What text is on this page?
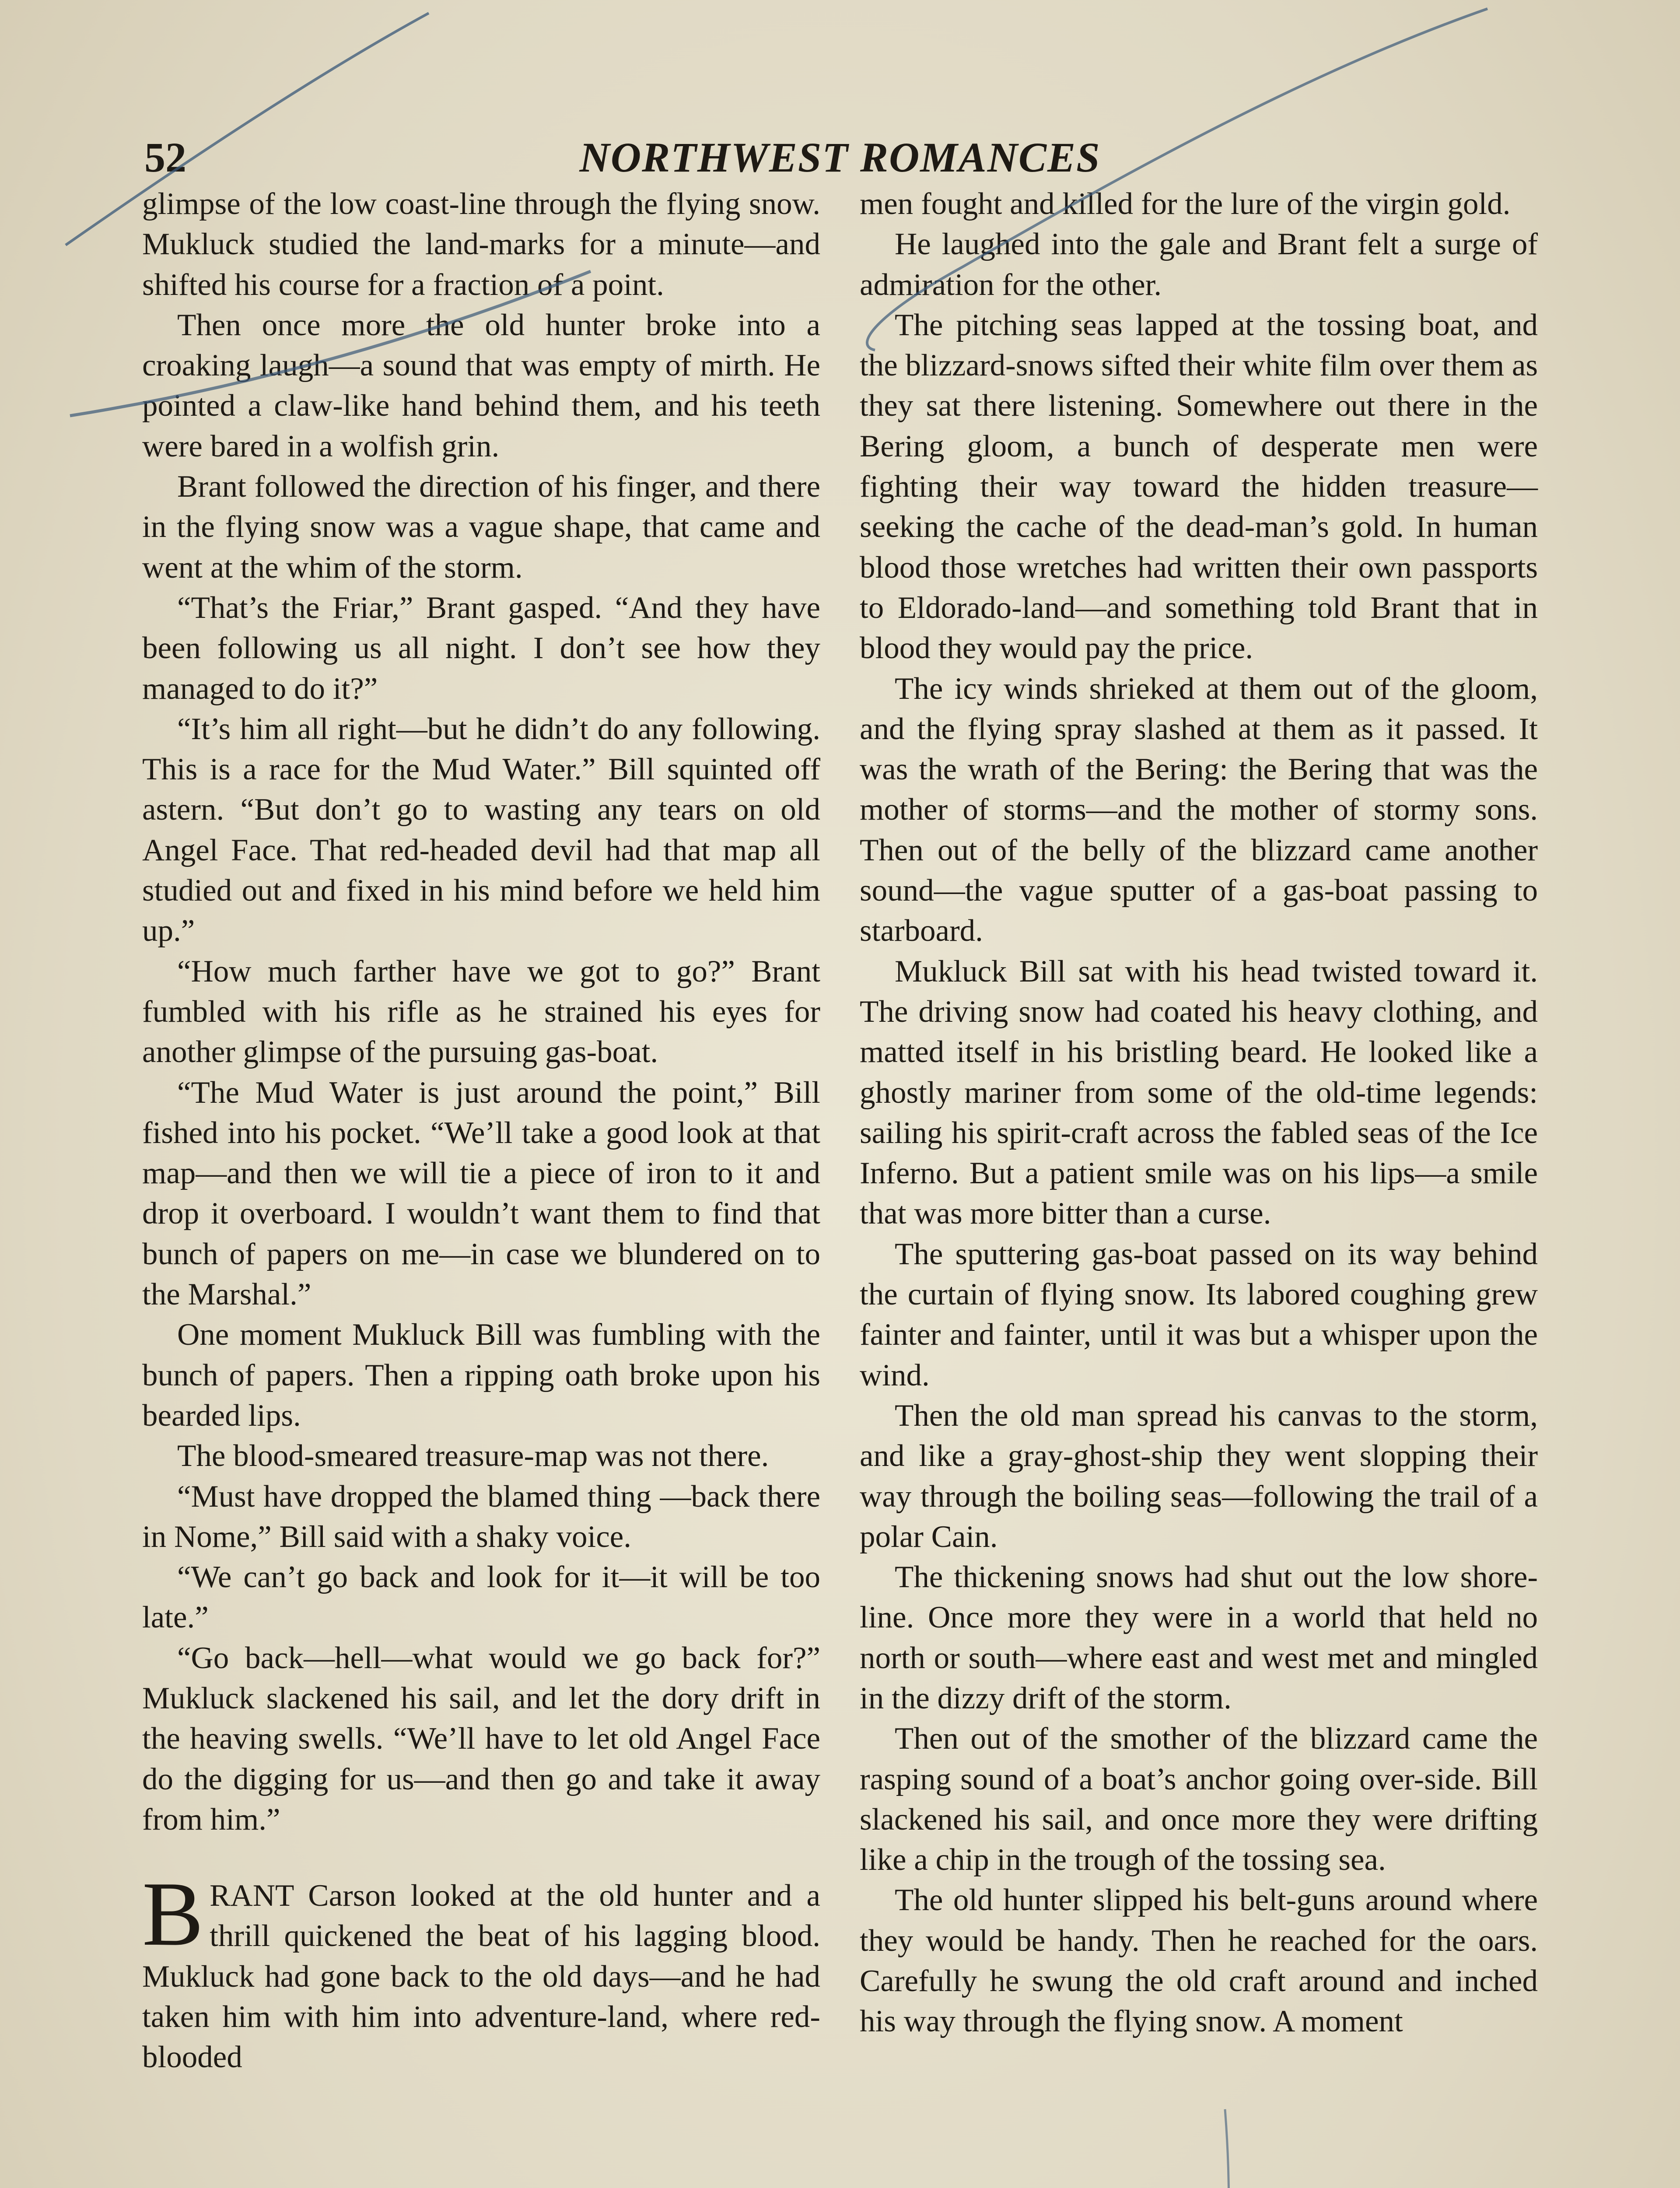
52	NORTHWEST ROMANCES

glimpse of the low coast-line through the flying snow. Mukluck studied the land-marks for a minute—and shifted his course for a fraction of a point.

Then once more the old hunter broke into a croaking laugh—a sound that was empty of mirth. He pointed a claw-like hand behind them, and his teeth were bared in a wolfish grin.

Brant followed the direction of his finger, and there in the flying snow was a vague shape, that came and went at the whim of the storm.

“That’s the Friar,” Brant gasped. “And they have been following us all night. I don’t see how they managed to do it?”

“It’s him all right—but he didn’t do any following. This is a race for the Mud Water.” Bill squinted off astern. “But don’t go to wasting any tears on old Angel Face. That red-headed devil had that map all studied out and fixed in his mind before we held him up.”

“How much farther have we got to go?” Brant fumbled with his rifle as he strained his eyes for another glimpse of the pursuing gas-boat.

“The Mud Water is just around the point,” Bill fished into his pocket. “We’ll take a good look at that map—and then we will tie a piece of iron to it and drop it overboard. I wouldn’t want them to find that bunch of papers on me—in case we blundered on to the Marshal.”

One moment Mukluck Bill was fumbling with the bunch of papers. Then a ripping oath broke upon his bearded lips.

The blood-smeared treasure-map was not there.

“Must have dropped the blamed thing —back there in Nome,” Bill said with a shaky voice.

“We can’t go back and look for it—it will be too late.”

“Go back—hell—what would we go back for?” Mukluck slackened his sail, and let the dory drift in the heaving swells. “We’ll have to let old Angel Face do the digging for us—and then go and take it away from him.”

BRANT Carson looked at the old hunter and a thrill quickened the beat of his lagging blood. Mukluck had gone back to the old days—and he had taken him with him into adventure-land, where red-blooded

men fought and killed for the lure of the virgin gold.

He laughed into the gale and Brant felt a surge of admiration for the other.

The pitching seas lapped at the tossing boat, and the blizzard-snows sifted their white film over them as they sat there listening. Somewhere out there in the Bering gloom, a bunch of desperate men were fighting their way toward the hidden treasure—seeking the cache of the dead-man’s gold. In human blood those wretches had written their own passports to Eldorado-land—and something told Brant that in blood they would pay the price.

The icy winds shrieked at them out of the gloom, and the flying spray slashed at them as it passed. It was the wrath of the Bering: the Bering that was the mother of storms—and the mother of stormy sons. Then out of the belly of the blizzard came another sound—the vague sputter of a gas-boat passing to starboard.

Mukluck Bill sat with his head twisted toward it. The driving snow had coated his heavy clothing, and matted itself in his bristling beard. He looked like a ghostly mariner from some of the old-time legends: sailing his spirit-craft across the fabled seas of the Ice Inferno. But a patient smile was on his lips—a smile that was more bitter than a curse.

The sputtering gas-boat passed on its way behind the curtain of flying snow. Its labored coughing grew fainter and fainter, until it was but a whisper upon the wind.

Then the old man spread his canvas to the storm, and like a gray-ghost-ship they went slopping their way through the boiling seas—following the trail of a polar Cain.

The thickening snows had shut out the low shore-line. Once more they were in a world that held no north or south—where east and west met and mingled in the dizzy drift of the storm.

Then out of the smother of the blizzard came the rasping sound of a boat’s anchor going over-side. Bill slackened his sail, and once more they were drifting like a chip in the trough of the tossing sea.

The old hunter slipped his belt-guns around where they would be handy. Then he reached for the oars. Carefully he swung the old craft around and inched his way through the flying snow. A moment
